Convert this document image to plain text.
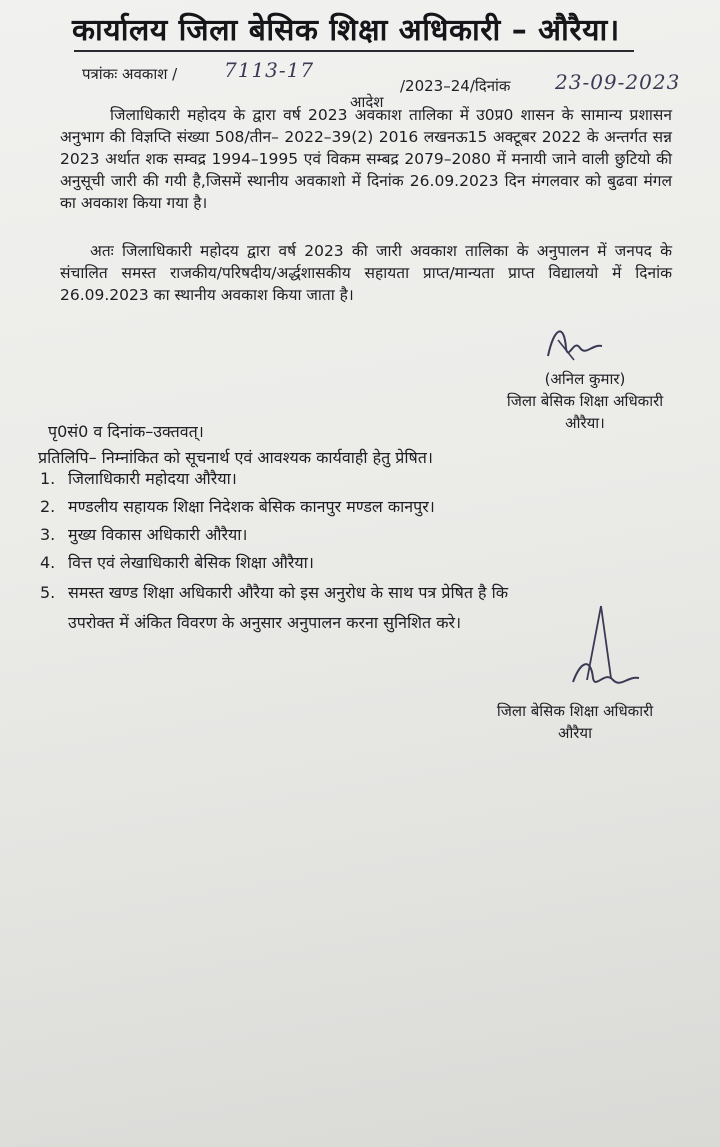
कार्यालय जिला बेसिक शिक्षा अधिकारी – औरैया।
पत्रांकः अवकाश / 7113-17
/2023–24/दिनांक 23-09-2023
आदेश

जिलाधिकारी महोदय के द्वारा वर्ष 2023 अवकाश तालिका में उ0प्र0 शासन के सामान्य प्रशासन अनुभाग की विज्ञप्ति संख्या 508/तीन– 2022–39(2) 2016 लखनऊ15 अक्टूबर 2022 के अन्तर्गत सन्न 2023 अर्थात शक सम्वद्र 1994–1995 एवं विकम सम्बद्र 2079–2080 में मनायी जाने वाली छुटियो की अनुसूची जारी की गयी है,जिसमें स्थानीय अवकाशो में दिनांक 26.09.2023 दिन मंगलवार को बुढवा मंगल का अवकाश किया गया है।

अतः जिलाधिकारी महोदय द्वारा वर्ष 2023 की जारी अवकाश तालिका के अनुपालन में जनपद के संचालित समस्त राजकीय/परिषदीय/अर्द्धशासकीय सहायता प्राप्त/मान्यता प्राप्त विद्यालयो में दिनांक 26.09.2023 का स्थानीय अवकाश किया जाता है।

(अनिल कुमार)
जिला बेसिक शिक्षा अधिकारी
औरैया।
पृ0सं0 व दिनांक–उक्तवत्।
प्रतिलिपि– निम्नांकित को सूचनार्थ एवं आवश्यक कार्यवाही हेतु प्रेषित।
1. जिलाधिकारी महोदया औरैया।
2. मण्डलीय सहायक शिक्षा निदेशक बेसिक कानपुर मण्डल कानपुर।
3. मुख्य विकास अधिकारी औरैया।
4. वित्त एवं लेखाधिकारी बेसिक शिक्षा औरैया।
5. समस्त खण्ड शिक्षा अधिकारी औरैया को इस अनुरोध के साथ पत्र प्रेषित है कि
उपरोक्त में अंकित विवरण के अनुसार अनुपालन करना सुनिशित करे।
जिला बेसिक शिक्षा अधिकारी
औरैया
